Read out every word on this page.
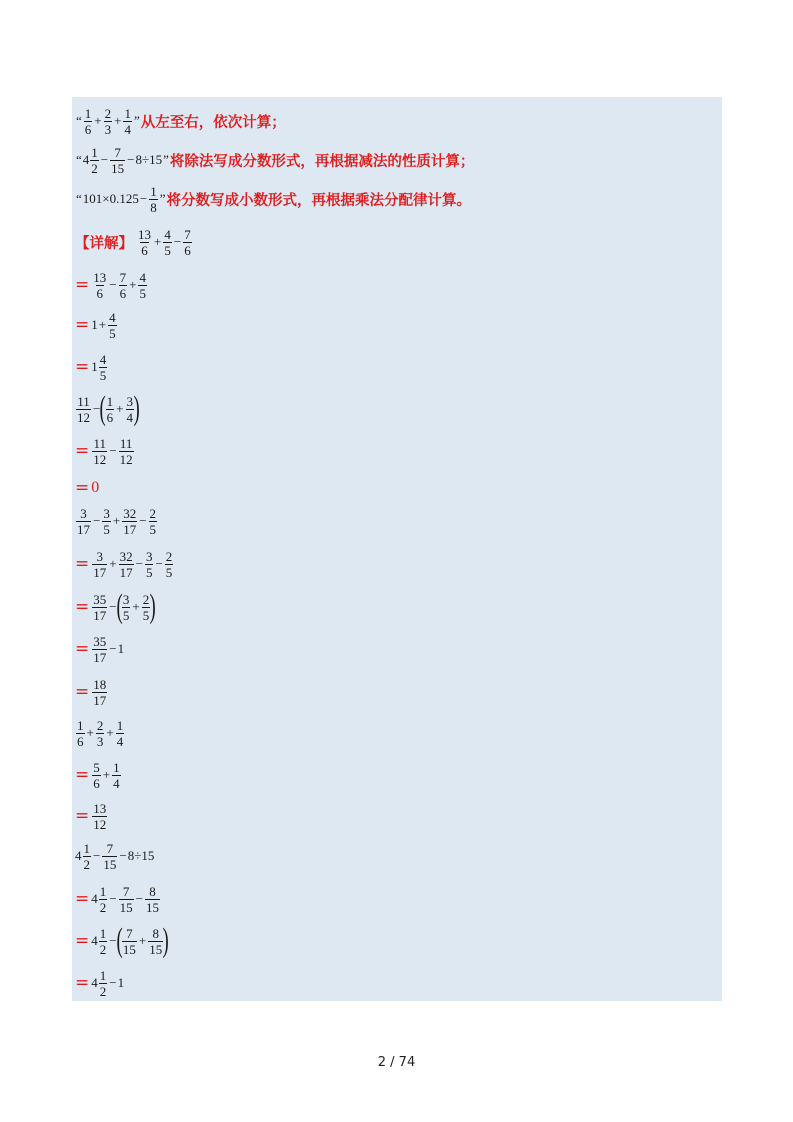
“ $\frac{1}{6} + \frac{2}{3} + \frac{1}{4}$ ” 从左至右，依次计算；
“ $4 \frac{1}{2} - \frac{7}{15} - 8\div 15$ ” 将除法写成分数形式，再根据减法的性质计算；
“ $101\times 0.125 - \frac{1}{8}$ ” 将分数写成小数形式，再根据乘法分配律计算。
【详解】 $\frac{13}{6} + \frac{4}{5} - \frac{7}{6}$
= $\frac{13}{6} - \frac{7}{6} + \frac{4}{5}$
= $1 + \frac{4}{5}$
= $1 \frac{4}{5}$
$\frac{11}{12}$ − ( $\frac{1}{6} + \frac{3}{4}$ )
= $\frac{11}{12} - \frac{11}{12}$
= 0
$\frac{3}{17} - \frac{3}{5} + \frac{32}{17} - \frac{2}{5}$
= $\frac{3}{17} + \frac{32}{17} - \frac{3}{5} - \frac{2}{5}$
= $\frac{35}{17}$ − ( $\frac{3}{5} + \frac{2}{5}$ )
= $\frac{35}{17} - 1$
= $\frac{18}{17}$
$\frac{1}{6} + \frac{2}{3} + \frac{1}{4}$
= $\frac{5}{6} + \frac{1}{4}$
= $\frac{13}{12}$
$4 \frac{1}{2} - \frac{7}{15} - 8\div 15$
= $4 \frac{1}{2} - \frac{7}{15} - \frac{8}{15}$
= $4 \frac{1}{2}$ − ( $\frac{7}{15} + \frac{8}{15}$ )
= $4 \frac{1}{2} - 1$
2 / 74
